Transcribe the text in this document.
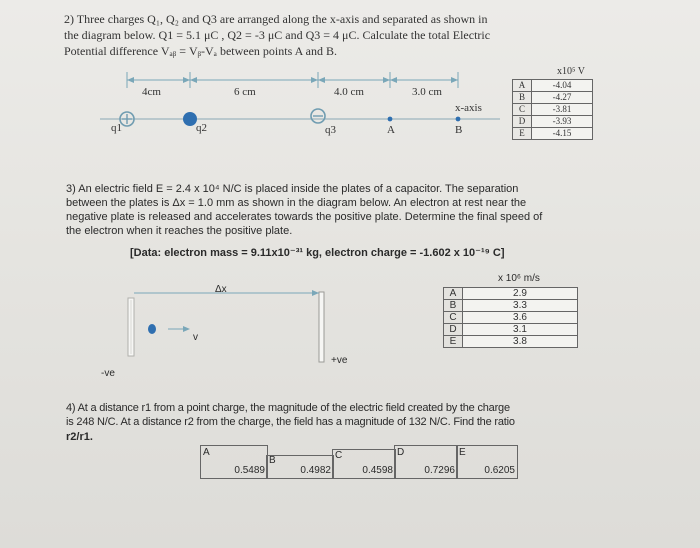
2) Three charges Q₁, Q₂ and Q3 are arranged along the x-axis and separated as shown in
the diagram below. Q1 = 5.1 μC , Q2 = -3 μC and Q3 = 4 μC. Calculate the total Electric
Potential difference Vₐᵦ = Vᵦ-Vₐ between points A and B.
4cm	6 cm	4.0 cm	3.0 cm
x-axis
q1	q2	q3	A	B
x10⁵ V
A	-4.04
B	-4.27
C	-3.81
D	-3.93
E	-4.15
3) An electric field E = 2.4 x 10⁴ N/C is placed inside the plates of a capacitor. The separation
between the plates is Δx = 1.0 mm as shown in the diagram below. An electron at rest near the
negative plate is released and accelerates towards the positive plate. Determine the final speed of
the electron when it reaches the positive plate.
[Data: electron mass = 9.11x10⁻³¹ kg, electron charge = -1.602 x 10⁻¹⁹ C]
Δx
v
-ve
+ve
x 10⁶ m/s
A	2.9
B	3.3
C	3.6
D	3.1
E	3.8
4) At a distance r1 from a point charge, the magnitude of the electric field created by the charge
is 248 N/C. At a distance r2 from the charge, the field has a magnitude of 132 N/C. Find the ratio
r2/r1.
A
0.5489
B
0.4982
C
0.4598
D
0.7296
E
0.6205
